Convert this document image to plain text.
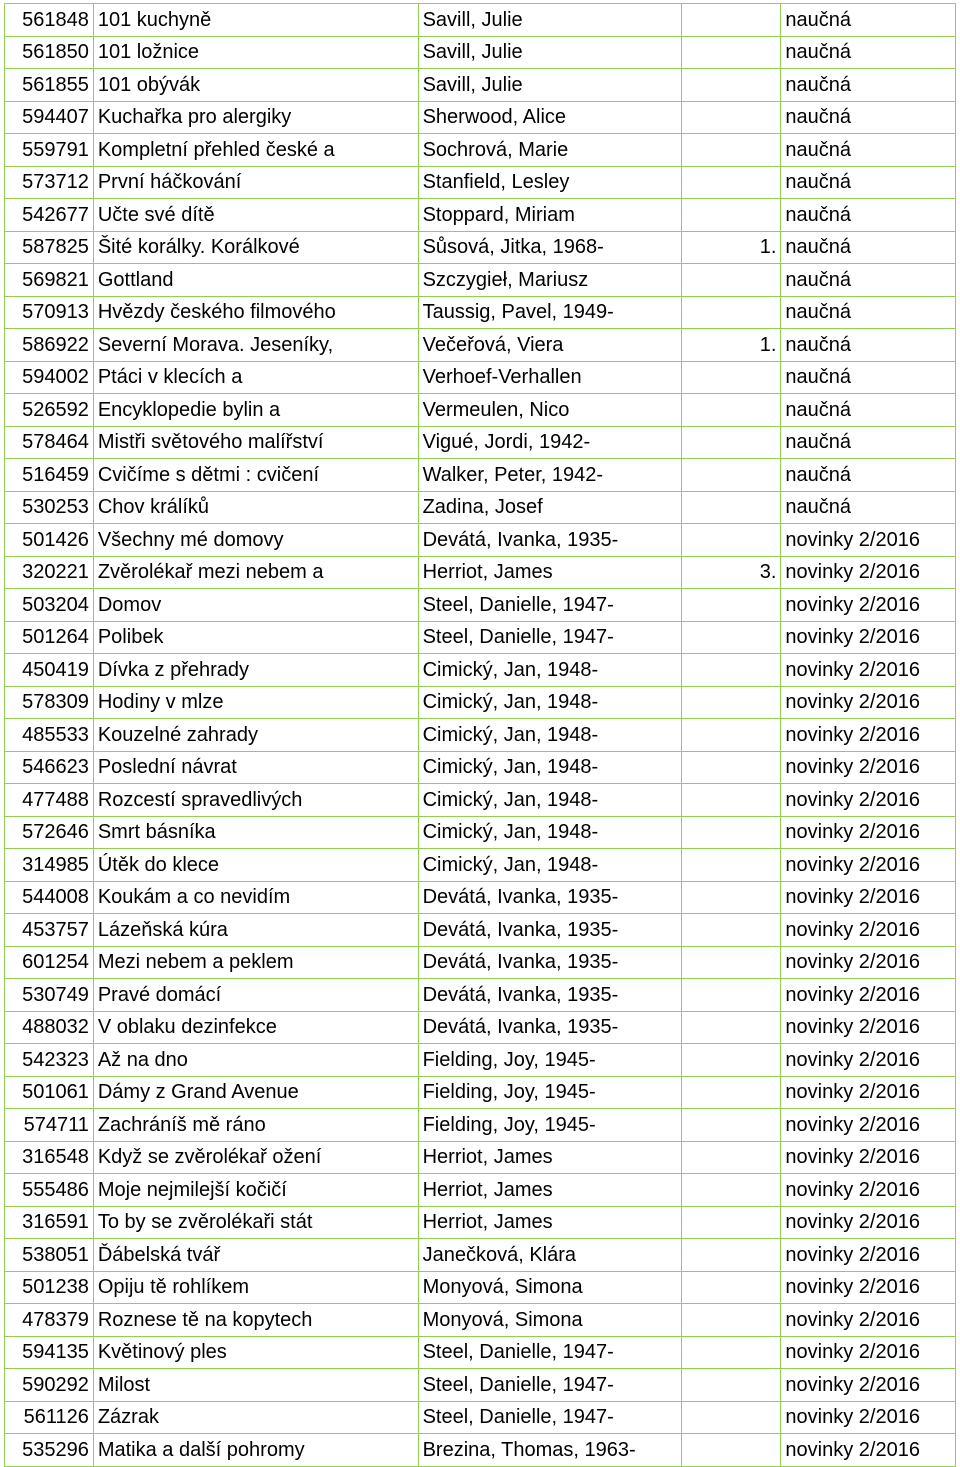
561848	101 kuchyně	Savill, Julie		naučná
561850	101 ložnice	Savill, Julie		naučná
561855	101 obývák	Savill, Julie		naučná
594407	Kuchařka pro alergiky	Sherwood, Alice		naučná
559791	Kompletní přehled české a	Sochrová, Marie		naučná
573712	První háčkování	Stanfield, Lesley		naučná
542677	Učte své dítě	Stoppard, Miriam		naučná
587825	Šité korálky. Korálkové	Sůsová, Jitka, 1968-	1.	naučná
569821	Gottland	Szczygieł, Mariusz		naučná
570913	Hvězdy českého filmového	Taussig, Pavel, 1949-		naučná
586922	Severní Morava. Jeseníky,	Večeřová, Viera	1.	naučná
594002	Ptáci v klecích a	Verhoef-Verhallen		naučná
526592	Encyklopedie bylin a	Vermeulen, Nico		naučná
578464	Mistři světového malířství	Vigué, Jordi, 1942-		naučná
516459	Cvičíme s dětmi : cvičení	Walker, Peter, 1942-		naučná
530253	Chov králíků	Zadina, Josef		naučná
501426	Všechny mé domovy	Devátá, Ivanka, 1935-		novinky 2/2016
320221	Zvěrolékař mezi nebem a	Herriot, James	3.	novinky 2/2016
503204	Domov	Steel, Danielle, 1947-		novinky 2/2016
501264	Polibek	Steel, Danielle, 1947-		novinky 2/2016
450419	Dívka z přehrady	Cimický, Jan, 1948-		novinky 2/2016
578309	Hodiny v mlze	Cimický, Jan, 1948-		novinky 2/2016
485533	Kouzelné zahrady	Cimický, Jan, 1948-		novinky 2/2016
546623	Poslední návrat	Cimický, Jan, 1948-		novinky 2/2016
477488	Rozcestí spravedlivých	Cimický, Jan, 1948-		novinky 2/2016
572646	Smrt básníka	Cimický, Jan, 1948-		novinky 2/2016
314985	Útěk do klece	Cimický, Jan, 1948-		novinky 2/2016
544008	Koukám a co nevidím	Devátá, Ivanka, 1935-		novinky 2/2016
453757	Lázeňská kúra	Devátá, Ivanka, 1935-		novinky 2/2016
601254	Mezi nebem a peklem	Devátá, Ivanka, 1935-		novinky 2/2016
530749	Pravé domácí	Devátá, Ivanka, 1935-		novinky 2/2016
488032	V oblaku dezinfekce	Devátá, Ivanka, 1935-		novinky 2/2016
542323	Až na dno	Fielding, Joy, 1945-		novinky 2/2016
501061	Dámy z Grand Avenue	Fielding, Joy, 1945-		novinky 2/2016
574711	Zachráníš mě ráno	Fielding, Joy, 1945-		novinky 2/2016
316548	Když se zvěrolékař ožení	Herriot, James		novinky 2/2016
555486	Moje nejmilejší kočičí	Herriot, James		novinky 2/2016
316591	To by se zvěrolékaři stát	Herriot, James		novinky 2/2016
538051	Ďábelská tvář	Janečková, Klára		novinky 2/2016
501238	Opiju tě rohlíkem	Monyová, Simona		novinky 2/2016
478379	Roznese tě na kopytech	Monyová, Simona		novinky 2/2016
594135	Květinový ples	Steel, Danielle, 1947-		novinky 2/2016
590292	Milost	Steel, Danielle, 1947-		novinky 2/2016
561126	Zázrak	Steel, Danielle, 1947-		novinky 2/2016
535296	Matika a další pohromy	Brezina, Thomas, 1963-		novinky 2/2016
